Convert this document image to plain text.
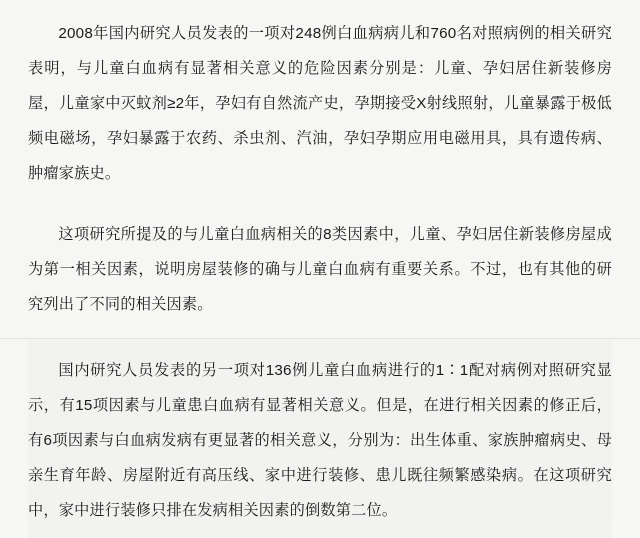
2008年国内研究人员发表的一项对248例白血病病儿和760名对照病例的相关研究表明，与儿童白血病有显著相关意义的危险因素分别是：儿童、孕妇居住新装修房屋，儿童家中灭蚊剂≥2年，孕妇有自然流产史，孕期接受X射线照射，儿童暴露于极低频电磁场，孕妇暴露于农药、杀虫剂、汽油，孕妇孕期应用电磁用具，具有遗传病、肿瘤家族史。

这项研究所提及的与儿童白血病相关的8类因素中，儿童、孕妇居住新装修房屋成为第一相关因素，说明房屋装修的确与儿童白血病有重要关系。不过，也有其他的研究列出了不同的相关因素。

国内研究人员发表的另一项对136例儿童白血病进行的1∶1配对病例对照研究显示，有15项因素与儿童患白血病有显著相关意义。但是，在进行相关因素的修正后，有6项因素与白血病发病有更显著的相关意义，分别为：出生体重、家族肿瘤病史、母亲生育年龄、房屋附近有高压线、家中进行装修、患儿既往频繁感染病。在这项研究中，家中进行装修只排在发病相关因素的倒数第二位。
